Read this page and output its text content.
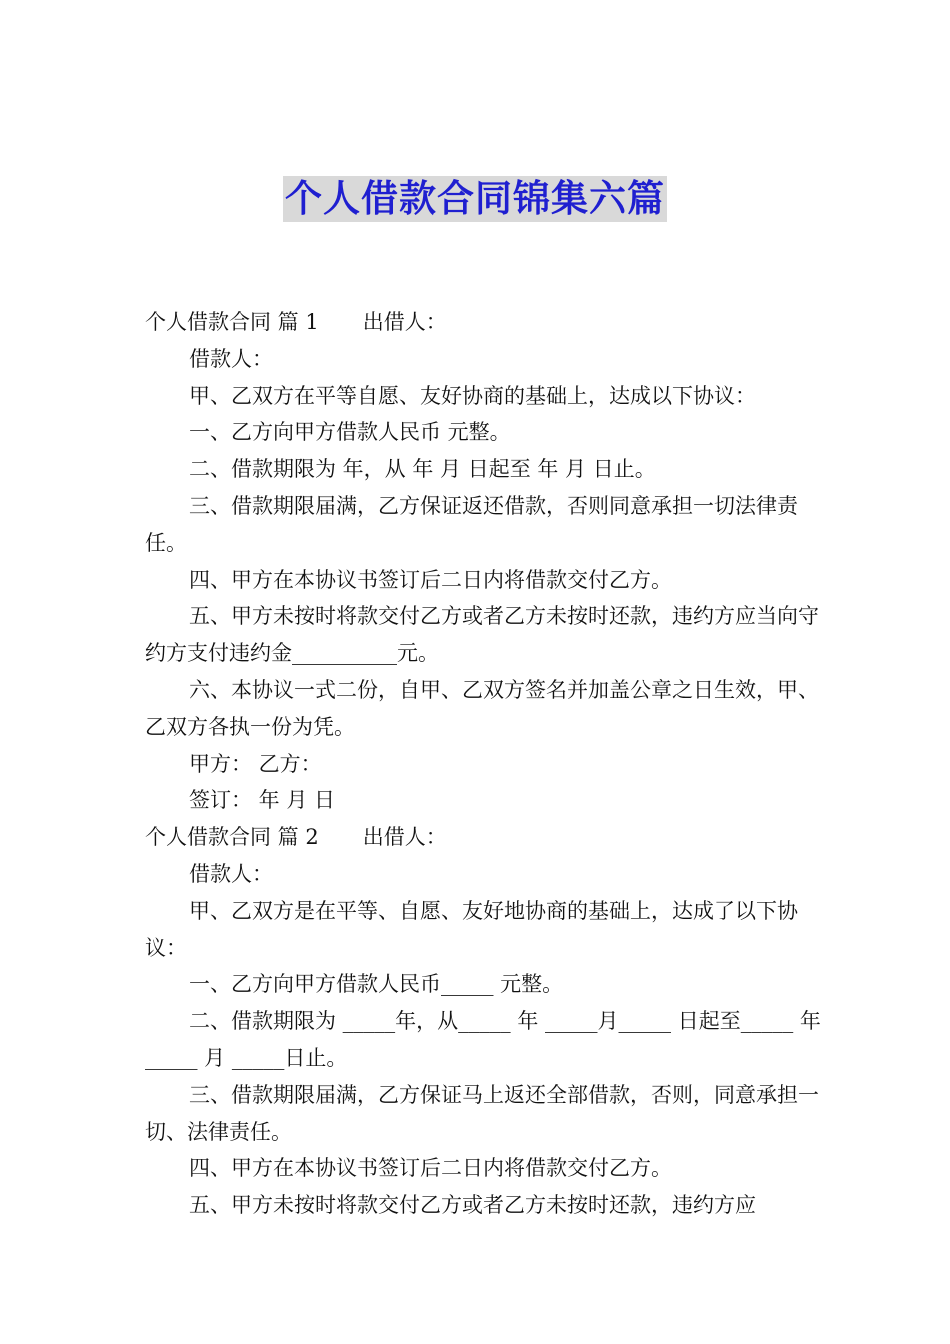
个人借款合同锦集六篇

个人借款合同 篇 1 出借人：

借款人：

甲、乙双方在平等自愿、友好协商的基础上，达成以下协议：

一、乙方向甲方借款人民币 元整。

二、借款期限为 年，从 年 月 日起至 年 月 日止。

三、借款期限届满，乙方保证返还借款，否则同意承担一切法律责任。

四、甲方在本协议书签订后二日内将借款交付乙方。

五、甲方未按时将款交付乙方或者乙方未按时还款，违约方应当向守约方支付违约金__________元。

六、本协议一式二份，自甲、乙双方签名并加盖公章之日生效，甲、乙双方各执一份为凭。

甲方： 乙方：

签订： 年 月 日

个人借款合同 篇 2 出借人：

借款人：

甲、乙双方是在平等、自愿、友好地协商的基础上，达成了以下协议：

一、乙方向甲方借款人民币_____ 元整。

二、借款期限为 _____年，从_____ 年 _____月_____ 日起至_____ 年_____ 月 _____日止。

三、借款期限届满，乙方保证马上返还全部借款，否则，同意承担一切、法律责任。

四、甲方在本协议书签订后二日内将借款交付乙方。

五、甲方未按时将款交付乙方或者乙方未按时还款，违约方应
